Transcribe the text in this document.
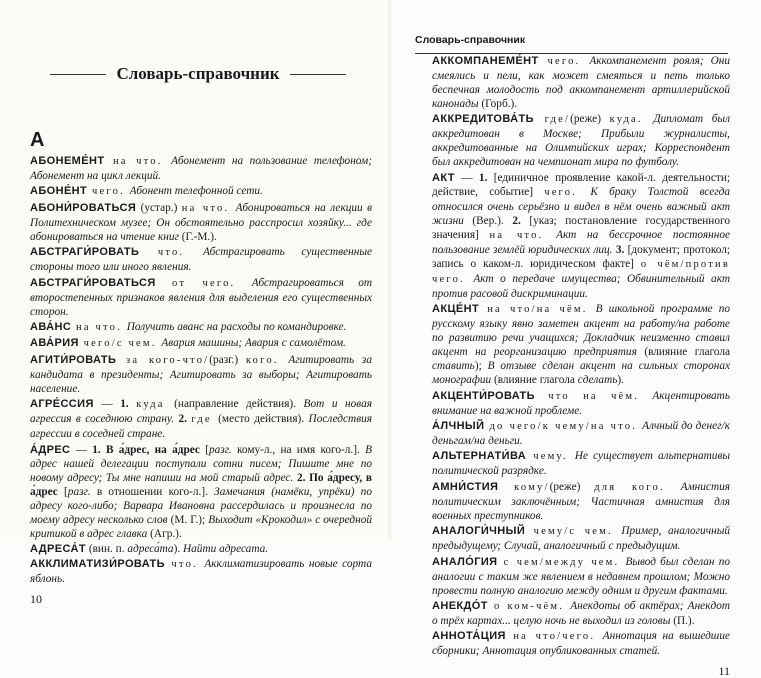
Словарь-справочник
А

АБОНЕМЕ́НТ на что. Абонемент на пользование телефоном; Абонемент на цикл лекций.

АБОНЕ́НТ чего. Абонент телефонной сети.

АБОНИ́РОВАТЬСЯ (устар.) на что. Абонироваться на лекции в Политехническом музее; Он обстоятельно расспросил хозяйку... где абонироваться на чтение книг (Г.-М.).

АБСТРАГИ́РОВАТЬ что. Абстрагировать существенные стороны того или иного явления.

АБСТРАГИ́РОВАТЬСЯ от чего. Абстрагироваться от второстепенных признаков явления для выделения его существенных сторон.

АВА́НС на что. Получить аванс на расходы по командировке.

АВА́РИЯ чего/с чем. Авария машины; Авария с самолётом.

АГИТИ́РОВАТЬ за кого-что/(разг.) кого. Агитировать за кандидата в президенты; Агитировать за выборы; Агитировать население.

АГРЕ́ССИЯ — 1. куда (направление действия). Вот и новая агрессия в соседнюю страну. 2. где (место действия). Последствия агрессии в соседней стране.

А́ДРЕС — 1. В а́дрес, на а́дрес [разг. кому-л., на имя кого-л.]. В адрес нашей делегации поступали сотни писем; Пишите мне по новому адресу; Ты мне напиши на мой старый адрес. 2. По а́дресу, в а́дрес [разг. в отношении кого-л.]. Замечания (намёки, упрёки) по адресу кого-либо; Варвара Ивановна рассердилась и произнесла по моему адресу несколько слов (М. Г.); Выходит «Крокодил» с очередной критикой в адрес главка (Агр.).

АДРЕСА́Т (вин. п. адреса́та). Найти адресата.

АККЛИМАТИЗИ́РОВАТЬ что. Акклиматизировать новые сорта яблонь.

10
Словарь-справочник

АККОМПАНЕМЕ́НТ чего. Аккомпанемент рояля; Они смеялись и пели, как может смеяться и петь только беспечная молодость под аккомпанемент артиллерийской канонады (Горб.).

АККРЕДИТОВА́ТЬ где/(реже) куда. Дипломат был аккредитован в Москве; Прибыли журналисты, аккредитованные на Олимпийских играх; Корреспондент был аккредитован на чемпионат мира по футболу.

АКТ — 1. [единичное проявление какой-л. деятельности; действие, событие] чего. К браку Толстой всегда относился очень серьёзно и видел в нём очень важный акт жизни (Вер.). 2. [указ; постановление государственного значения] на что. Акт на бессрочное постоянное пользование землёй юридических лиц. 3. [документ; протокол; запись о каком-л. юридическом факте] о чём/против чего. Акт о передаче имущества; Обвинительный акт против расовой дискриминации.

АКЦЕ́НТ на что/на чём. В школьной программе по русскому языку явно заметен акцент на работу/на работе по развитию речи учащихся; Докладчик неизменно ставил акцент на реорганизацию предприятия (влияние глагола ставить); В отзыве сделан акцент на сильных сторонах монографии (влияние глагола сделать).

АКЦЕНТИ́РОВАТЬ что на чём. Акцентировать внимание на важной проблеме.

А́ЛЧНЫЙ до чего/к чему/на что. Алчный до денег/к деньгам/на деньги.

АЛЬТЕРНАТИ́ВА чему. Не существует альтернативы политической разрядке.

АМНИ́СТИЯ кому/(реже) для кого. Амнистия политическим заключённым; Частичная амнистия для военных преступников.

АНАЛОГИ́ЧНЫЙ чему/с чем. Пример, аналогичный предыдущему; Случай, аналогичный с предыдущим.

АНАЛО́ГИЯ с чем/между чем. Вывод был сделан по аналогии с таким же явлением в недавнем прошлом; Можно провести полную аналогию между одним и другим фактами.

АНЕКДО́Т о ком-чём. Анекдоты об актёрах; Анекдот о трёх картах... целую ночь не выходил из головы (П.).

АННОТА́ЦИЯ на что/чего. Аннотация на вышедшие сборники; Аннотация опубликованных статей.

11
